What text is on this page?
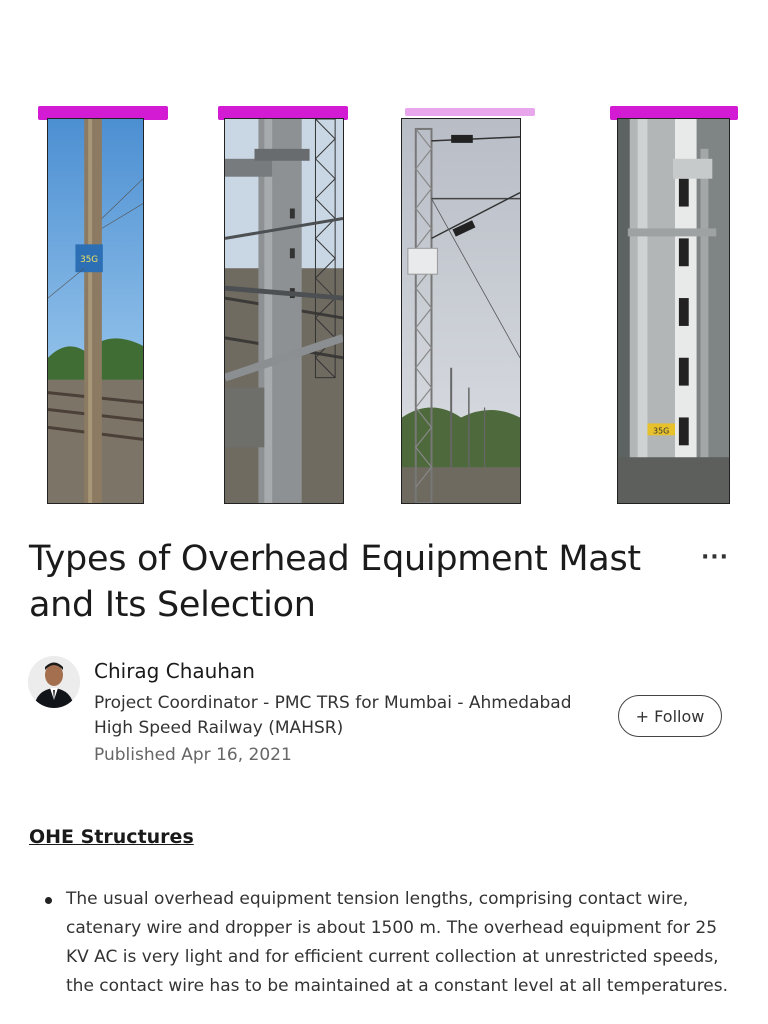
35G
35G
Types of Overhead Equipment Mast and Its Selection
···
Chirag Chauhan
Project Coordinator - PMC TRS for Mumbai - Ahmedabad High Speed Railway (MAHSR)
Published Apr 16, 2021
+ Follow
OHE Structures
The usual overhead equipment tension lengths, comprising contact wire, catenary wire and dropper is about 1500 m. The overhead equipment for 25 KV AC is very light and for efficient current collection at unrestricted speeds, the contact wire has to be maintained at a constant level at all temperatures.
